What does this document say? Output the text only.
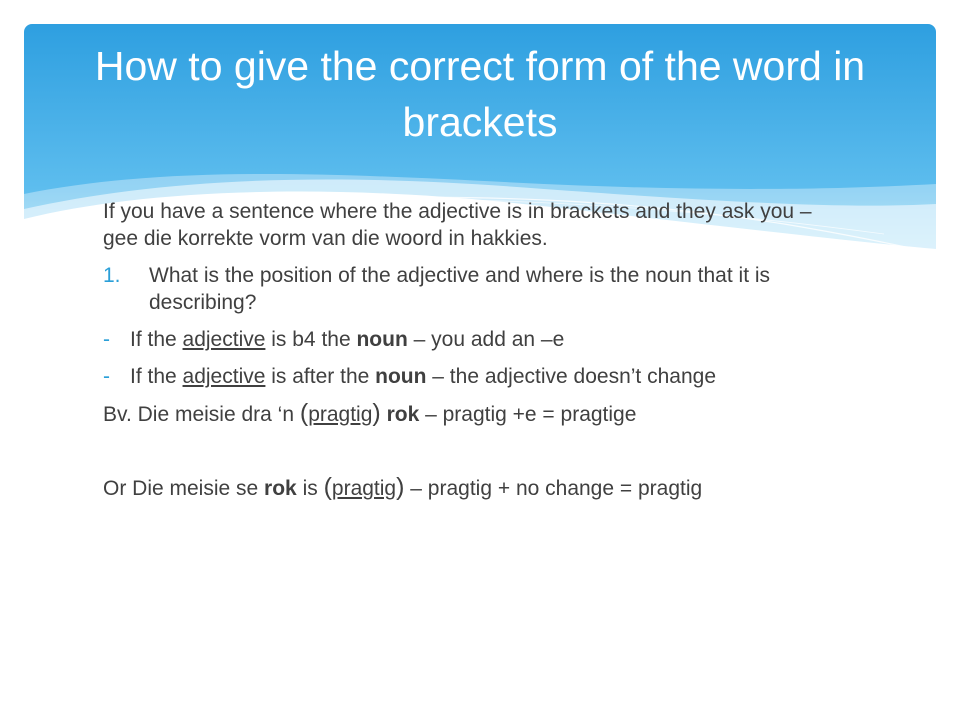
How to give the correct form of the word in brackets

If you have a sentence where the adjective is in brackets and they ask you – gee die korrekte vorm van die woord in hakkies.

1.	What is the position of the adjective and where is the noun that it is describing?
- If the adjective is b4 the noun – you add an –e
- If the adjective is after the noun – the adjective doesn’t change

Bv. Die meisie dra ‘n (pragtig) rok – pragtig +e = pragtige

Or Die meisie se rok is (pragtig) – pragtig + no change = pragtig
